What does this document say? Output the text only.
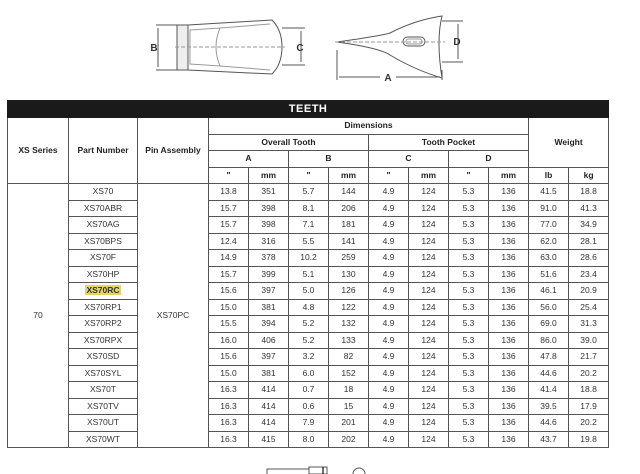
B	C
A
D
TEETH												
XS Series	Part Number	Pin Assembly	Dimensions								Weight	
			Overall Tooth				Tooth Pocket					
			A		B		C		D			
			"	mm	"	mm	"	mm	"	mm	lb	kg
70	XS70	XS70PC	13.8	351	5.7	144	4.9	124	5.3	136	41.5	18.8
	XS70ABR		15.7	398	8.1	206	4.9	124	5.3	136	91.0	41.3
	XS70AG		15.7	398	7.1	181	4.9	124	5.3	136	77.0	34.9
	XS70BPS		12.4	316	5.5	141	4.9	124	5.3	136	62.0	28.1
	XS70F		14.9	378	10.2	259	4.9	124	5.3	136	63.0	28.6
	XS70HP		15.7	399	5.1	130	4.9	124	5.3	136	51.6	23.4
	XS70RC		15.6	397	5.0	126	4.9	124	5.3	136	46.1	20.9
	XS70RP1		15.0	381	4.8	122	4.9	124	5.3	136	56.0	25.4
	XS70RP2		15.5	394	5.2	132	4.9	124	5.3	136	69.0	31.3
	XS70RPX		16.0	406	5.2	133	4.9	124	5.3	136	86.0	39.0
	XS70SD		15.6	397	3.2	82	4.9	124	5.3	136	47.8	21.7
	XS70SYL		15.0	381	6.0	152	4.9	124	5.3	136	44.6	20.2
	XS70T		16.3	414	0.7	18	4.9	124	5.3	136	41.4	18.8
	XS70TV		16.3	414	0.6	15	4.9	124	5.3	136	39.5	17.9
	XS70UT		16.3	414	7.9	201	4.9	124	5.3	136	44.6	20.2
	XS70WT		16.3	415	8.0	202	4.9	124	5.3	136	43.7	19.8
